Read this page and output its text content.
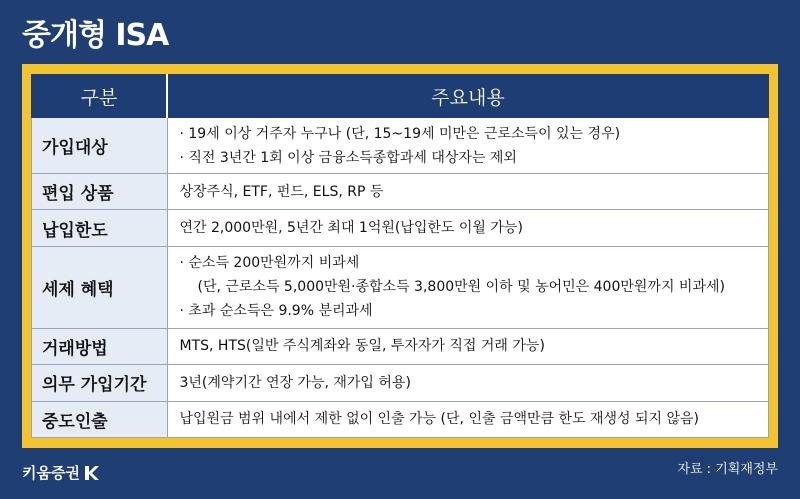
중개형 ISA
구분	주요내용
가입대상	· 19세 이상 거주자 누구나 (단, 15~19세 미만은 근로소득이 있는 경우)
· 직전 3년간 1회 이상 금융소득종합과세 대상자는 제외

편입 상품	상장주식, ETF, 펀드, ELS, RP 등

납입한도	연간 2,000만원, 5년간 최대 1억원(납입한도 이월 가능)

세제 혜택	· 순소득 200만원까지 비과세
(단, 근로소득 5,000만원·종합소득 3,800만원 이하 및 농어민은 400만원까지 비과세)
· 초과 순소득은 9.9% 분리과세

거래방법	MTS, HTS(일반 주식계좌와 동일, 투자자가 직접 거래 가능)

의무 가입기간	3년(계약기간 연장 가능, 재가입 허용)

중도인출	납입원금 범위 내에서 제한 없이 인출 가능 (단, 인출 금액만큼 한도 재생성 되지 않음)
키움증권	자료 : 기획재정부
